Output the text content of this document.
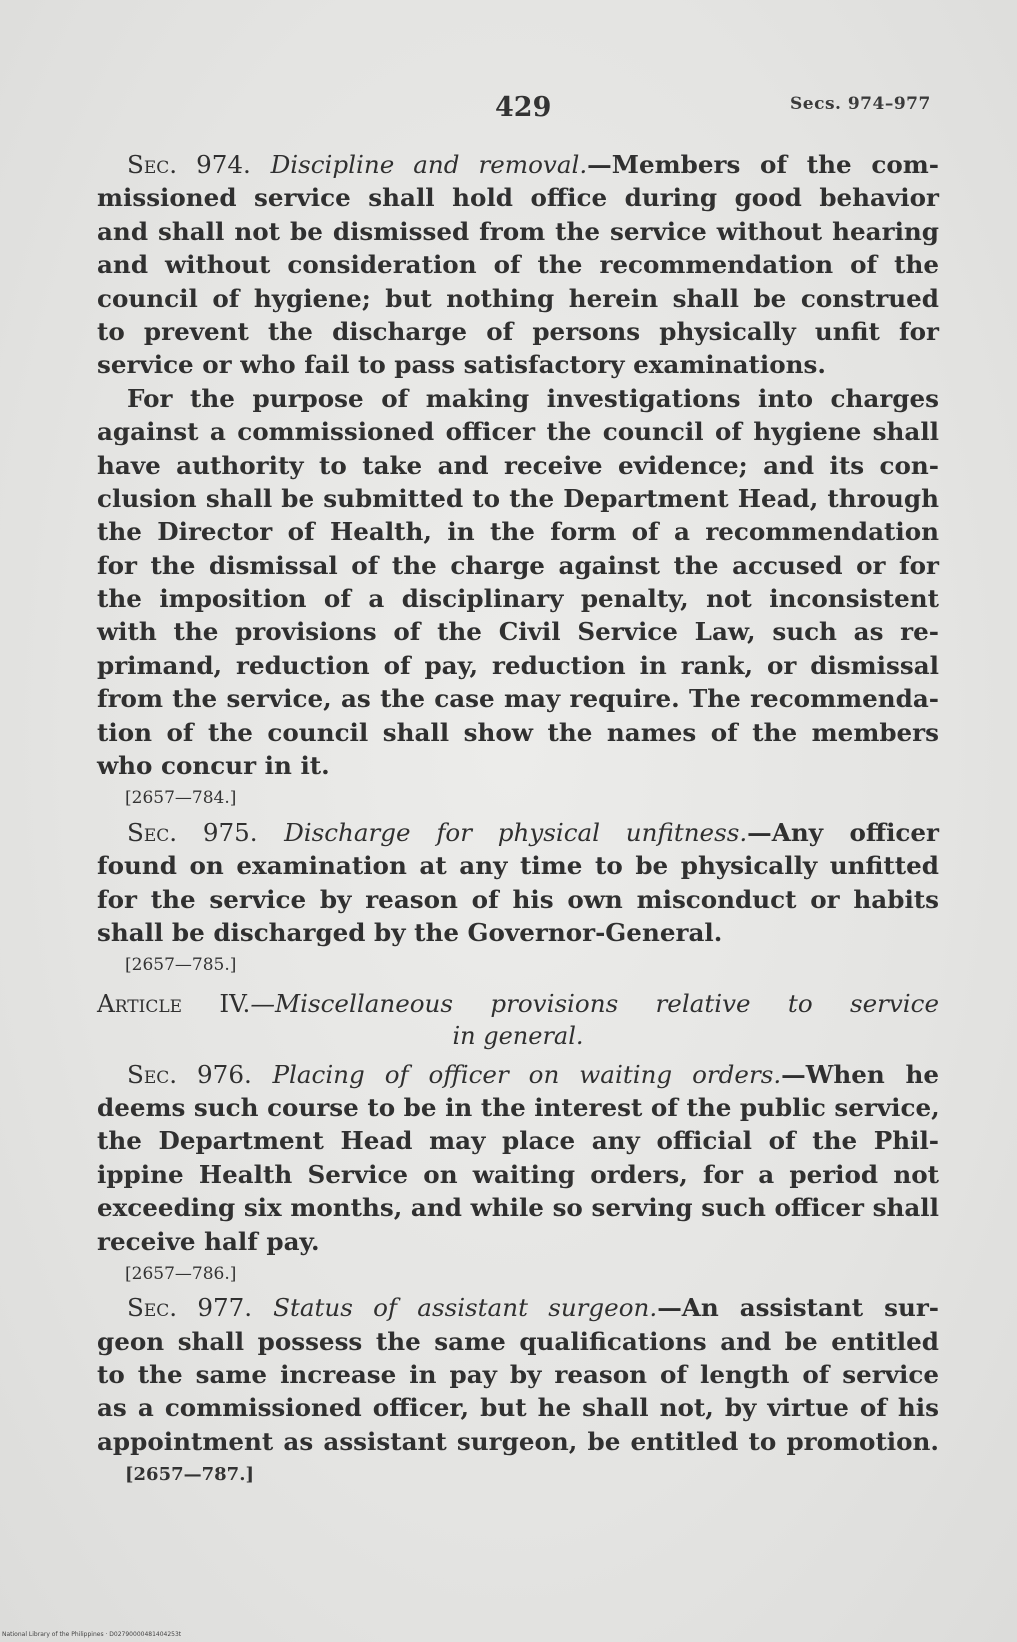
429	Secs. 974–977
Sec. 974. Discipline and removal.—Members of the com-
missioned service shall hold office during good behavior
and shall not be dismissed from the service without hearing
and without consideration of the recommendation of the
council of hygiene; but nothing herein shall be construed
to prevent the discharge of persons physically unfit for
service or who fail to pass satisfactory examinations.
For the purpose of making investigations into charges
against a commissioned officer the council of hygiene shall
have authority to take and receive evidence; and its con-
clusion shall be submitted to the Department Head, through
the Director of Health, in the form of a recommendation
for the dismissal of the charge against the accused or for
the imposition of a disciplinary penalty, not inconsistent
with the provisions of the Civil Service Law, such as re-
primand, reduction of pay, reduction in rank, or dismissal
from the service, as the case may require. The recommenda-
tion of the council shall show the names of the members
who concur in it.
[2657—784.]
Sec. 975. Discharge for physical unfitness.—Any officer
found on examination at any time to be physically unfitted
for the service by reason of his own misconduct or habits
shall be discharged by the Governor-General.
[2657—785.]
Article IV.—Miscellaneous provisions relative to service
in general.
Sec. 976. Placing of officer on waiting orders.—When he
deems such course to be in the interest of the public service,
the Department Head may place any official of the Phil-
ippine Health Service on waiting orders, for a period not
exceeding six months, and while so serving such officer shall
receive half pay.
[2657—786.]
Sec. 977. Status of assistant surgeon.—An assistant sur-
geon shall possess the same qualifications and be entitled
to the same increase in pay by reason of length of service
as a commissioned officer, but he shall not, by virtue of his
appointment as assistant surgeon, be entitled to promotion.
[2657—787.]
National Library of the Philippines · D02790000481404253t
